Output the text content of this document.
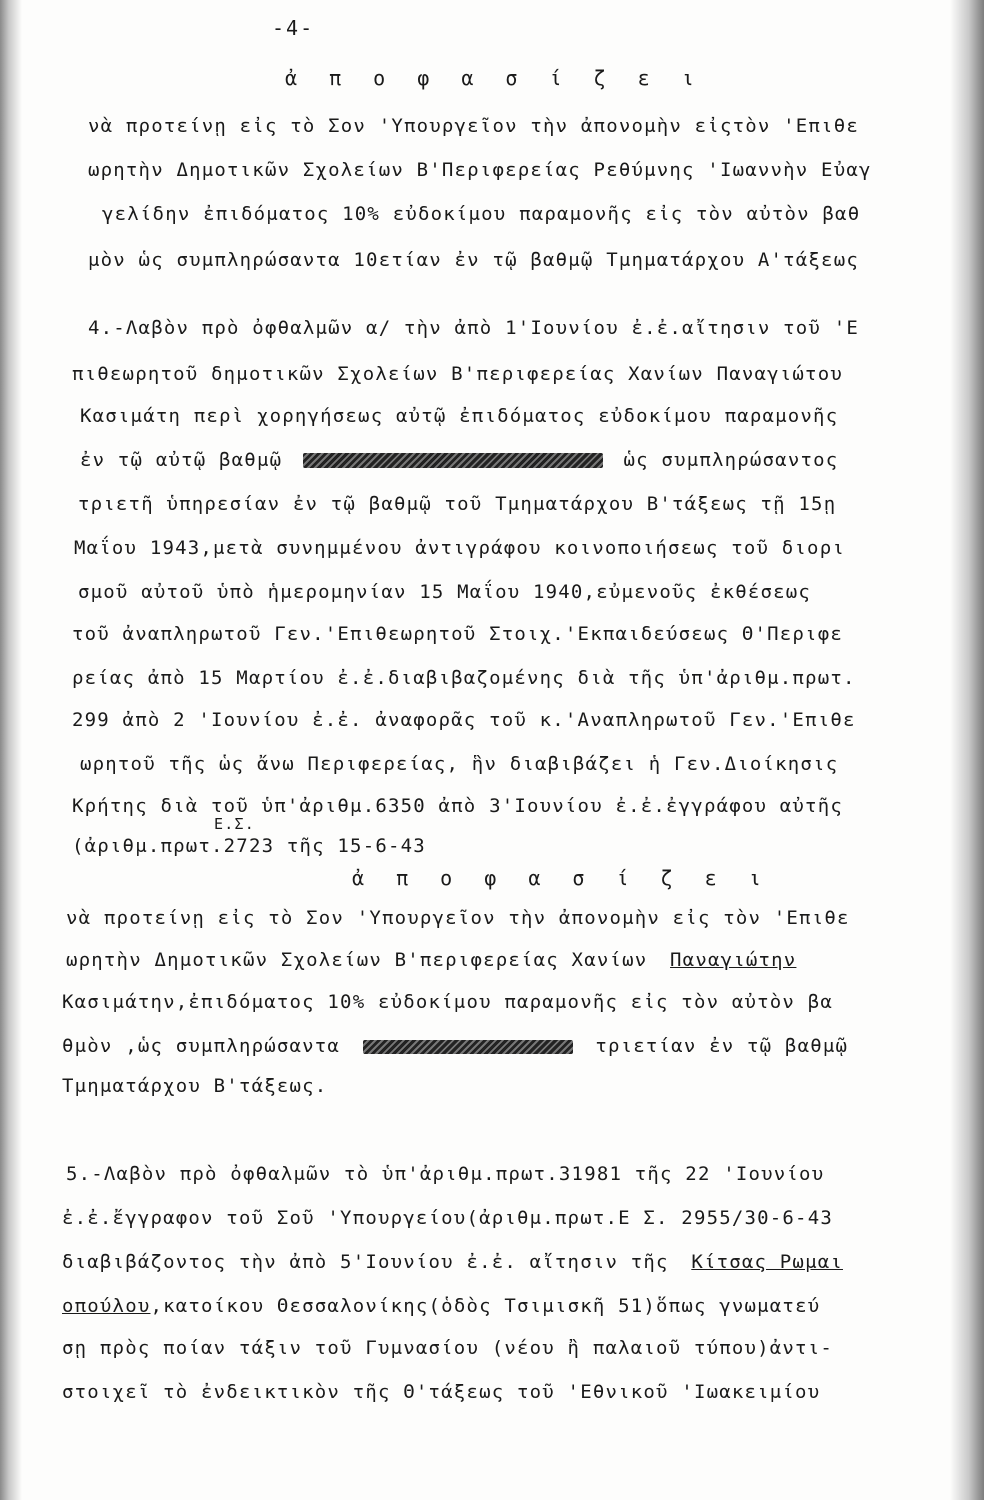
-4-
ἀ π ο φ α σ ί ζ ε ι
νὰ προτείνῃ εἰς τὸ Σον 'Υπουργεῖον τὴν ἀπονομὴν εἰςτὸν 'Επιθε
ωρητὴν Δημοτικῶν Σχολείων Β'Περιφερείας Ρεθύμνης 'Ιωαννὴν Εὐαγ
γελίδην ἐπιδόματος 10% εὐδοκίμου παραμονῆς εἰς τὸν αὐτὸν βαθ
μὸν ὡς συμπληρώσαντα 10ετίαν ἐν τῷ βαθμῷ Τμηματάρχου Α'τάξεως
4.-Λαβὸν πρὸ ὀφθαλμῶν α/ τὴν ἀπὸ 1'Ιουνίου ἐ.ἐ.αἴτησιν τοῦ 'Ε
πιθεωρητοῦ δημοτικῶν Σχολείων Β'περιφερείας Χανίων Παναγιώτου
Κασιμάτη περὶ χορηγήσεως αὐτῷ ἐπιδόματος εὐδοκίμου παραμονῆς
ἐν τῷ αὐτῷ βαθμῷ	ὡς συμπληρώσαντος
τριετῆ ὑπηρεσίαν ἐν τῷ βαθμῷ τοῦ Τμηματάρχου Β'τάξεως τῇ 15ῃ
Μαΐου 1943,μετὰ συνημμένου ἀντιγράφου κοινοποιήσεως τοῦ διορι
σμοῦ αὐτοῦ ὑπὸ ἡμερομηνίαν 15 Μαΐου 1940,εὐμενοῦς ἐκθέσεως
τοῦ ἀναπληρωτοῦ Γεν.'Επιθεωρητοῦ Στοιχ.'Εκπαιδεύσεως Θ'Περιφε
ρείας ἀπὸ 15 Μαρτίου ἐ.ἐ.διαβιβαζομένης διὰ τῆς ὑπ'ἀριθμ.πρωτ.
299 ἀπὸ 2 'Ιουνίου ἐ.ἐ. ἀναφορᾶς τοῦ κ.'Αναπληρωτοῦ Γεν.'Επιθε
ωρητοῦ τῆς ὡς ἄνω Περιφερείας, ἣν διαβιβάζει ἡ Γεν.Διοίκησις
Κρήτης διὰ τοῦ ὑπ'ἀριθμ.6350 ἀπὸ 3'Ιουνίου ἐ.ἐ.ἐγγράφου αὐτῆς
Ε.Σ.
(ἀριθμ.πρωτ.2723 τῆς 15-6-43
ἀ π ο φ α σ ί ζ ε ι
νὰ προτείνῃ εἰς τὸ Σον 'Υπουργεῖον τὴν ἀπονομὴν εἰς τὸν 'Επιθε
ωρητὴν Δημοτικῶν Σχολείων Β'περιφερείας Χανίων Παναγιώτην
Κασιμάτην,ἐπιδόματος 10% εὐδοκίμου παραμονῆς εἰς τὸν αὐτὸν βα
θμὸν ,ὡς συμπληρώσαντα	τριετίαν ἐν τῷ βαθμῷ
Τμηματάρχου Β'τάξεως.
5.-Λαβὸν πρὸ ὀφθαλμῶν τὸ ὑπ'ἀριθμ.πρωτ.31981 τῆς 22 'Ιουνίου
ἐ.ἐ.ἔγγραφον τοῦ Σοῦ 'Υπουργείου(ἀριθμ.πρωτ.Ε Σ. 2955/30-6-43
διαβιβάζοντος τὴν ἀπὸ 5'Ιουνίου ἐ.ἐ. αἴτησιν τῆς Κίτσας Ρωμαι
οπούλου,κατοίκου Θεσσαλονίκης(ὁδὸς Τσιμισκῆ 51)ὅπως γνωματεύ
σῃ πρὸς ποίαν τάξιν τοῦ Γυμνασίου (νέου ἢ παλαιοῦ τύπου)ἀντι-
στοιχεῖ τὸ ἐνδεικτικὸν τῆς Θ'τάξεως τοῦ 'Εθνικοῦ 'Ιωακειμίου
